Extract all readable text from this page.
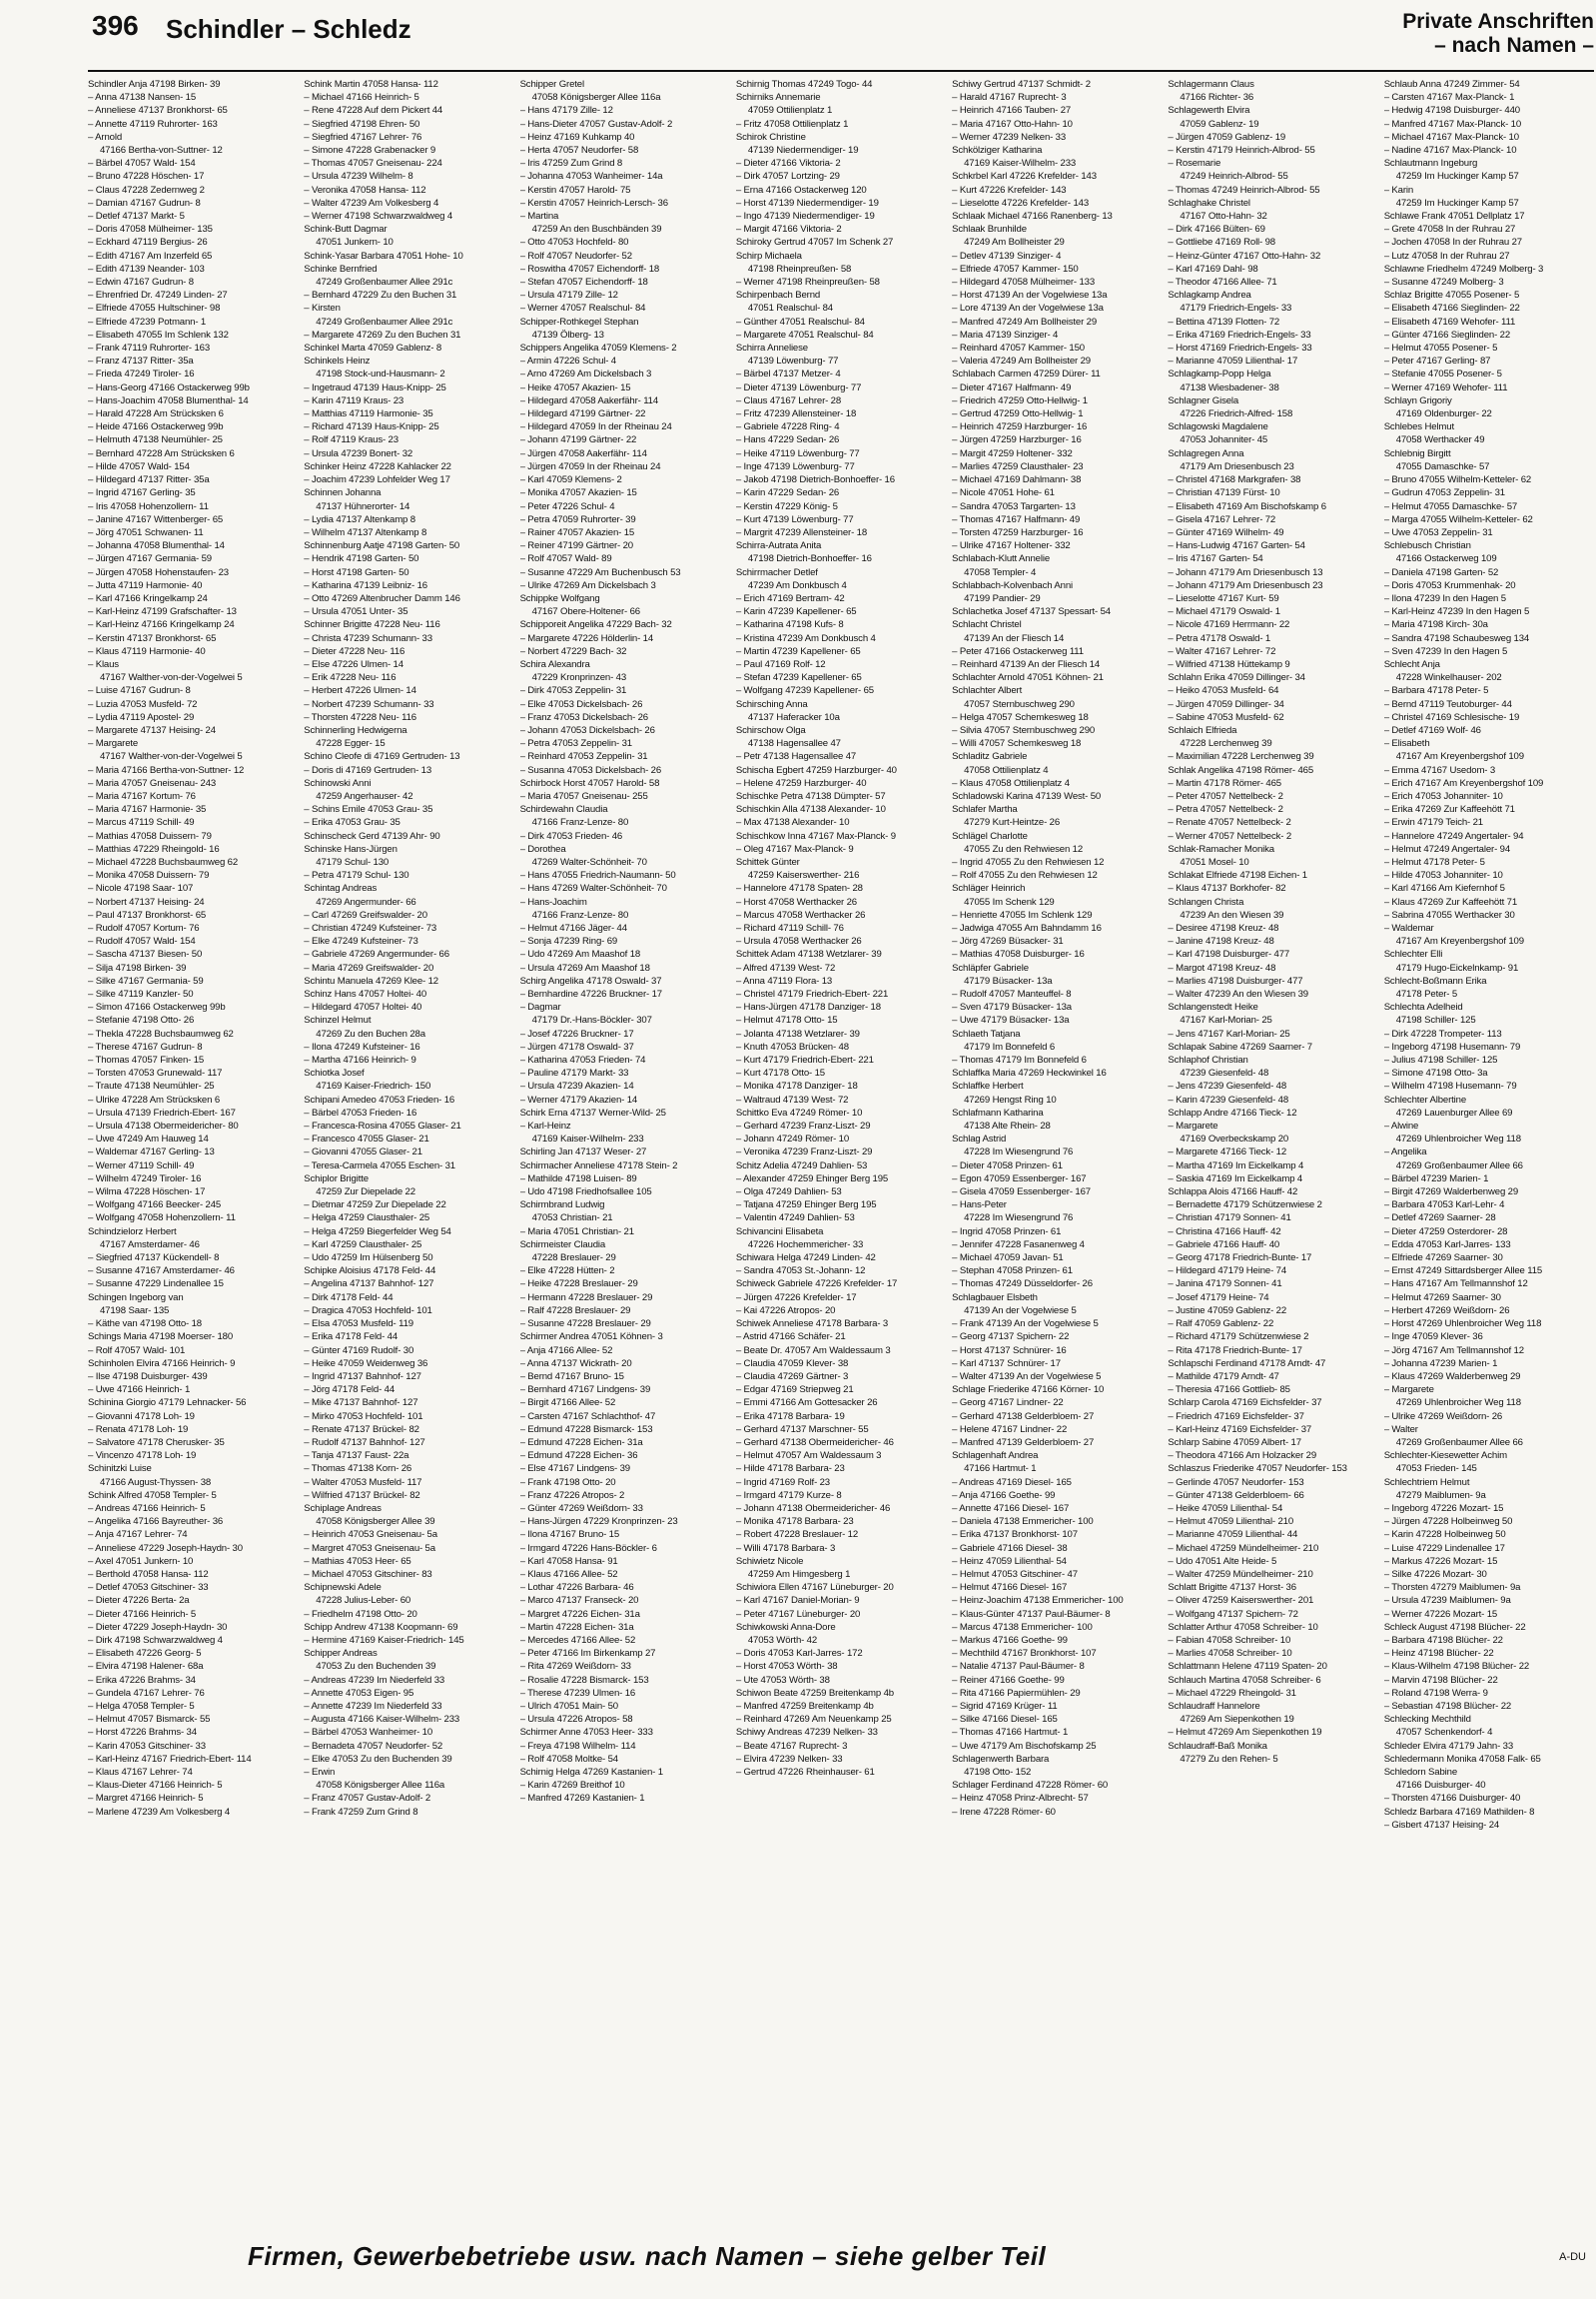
396 Schindler – Schledz	Private Anschriften
– nach Namen –
Schindler Anja 47198 Birken- 39
– Anna 47138 Nansen- 15
– Anneliese 47137 Bronkhorst- 65
– Annette 47119 Ruhrorter- 163
– Arnold
47166 Bertha-von-Suttner- 12
– Bärbel 47057 Wald- 154
– Bruno 47228 Höschen- 17
– Claus 47228 Zedernweg 2
– Damian 47167 Gudrun- 8
– Detlef 47137 Markt- 5
– Doris 47058 Mülheimer- 135
– Eckhard 47119 Bergius- 26
– Edith 47167 Am Inzerfeld 65
– Edith 47139 Neander- 103
– Edwin 47167 Gudrun- 8
– Ehrenfried Dr. 47249 Linden- 27
– Elfriede 47055 Hultschiner- 98
– Elfriede 47239 Potmann- 1
– Elisabeth 47055 Im Schlenk 132
– Frank 47119 Ruhrorter- 163
– Franz 47137 Ritter- 35a
– Frieda 47249 Tiroler- 16
– Hans-Georg 47166 Ostackerweg 99b
– Hans-Joachim 47058 Blumenthal- 14
– Harald 47228 Am Strücksken 6
– Heide 47166 Ostackerweg 99b
– Helmuth 47138 Neumühler- 25
– Bernhard 47228 Am Strücksken 6
– Hilde 47057 Wald- 154
– Hildegard 47137 Ritter- 35a
– Ingrid 47167 Gerling- 35
– Iris 47058 Hohenzollern- 11
– Janine 47167 Wittenberger- 65
– Jörg 47051 Schwanen- 11
– Johanna 47058 Blumenthal- 14
– Jürgen 47167 Germania- 59
– Jürgen 47058 Hohenstaufen- 23
– Jutta 47119 Harmonie- 40
– Karl 47166 Kringelkamp 24
– Karl-Heinz 47199 Grafschafter- 13
– Karl-Heinz 47166 Kringelkamp 24
– Kerstin 47137 Bronkhorst- 65
– Klaus 47119 Harmonie- 40
– Klaus
47167 Walther-von-der-Vogelwei 5
– Luise 47167 Gudrun- 8
– Luzia 47053 Musfeld- 72
– Lydia 47119 Apostel- 29
– Margarete 47137 Heising- 24
– Margarete
47167 Walther-von-der-Vogelwei 5
– Maria 47166 Bertha-von-Suttner- 12
– Maria 47057 Gneisenau- 243
– Maria 47167 Kortum- 76
– Maria 47167 Harmonie- 35
– Marcus 47119 Schill- 49
– Mathias 47058 Duissern- 79
– Matthias 47229 Rheingold- 16
– Michael 47228 Buchsbaumweg 62
– Monika 47058 Duissern- 79
– Nicole 47198 Saar- 107
– Norbert 47137 Heising- 24
– Paul 47137 Bronkhorst- 65
– Rudolf 47057 Kortum- 76
– Rudolf 47057 Wald- 154
– Sascha 47137 Biesen- 50
– Silja 47198 Birken- 39
– Silke 47167 Germania- 59
– Silke 47119 Kanzler- 50
– Simon 47166 Ostackerweg 99b
– Stefanie 47198 Otto- 26
– Thekla 47228 Buchsbaumweg 62
– Therese 47167 Gudrun- 8
– Thomas 47057 Finken- 15
– Torsten 47053 Grunewald- 117
– Traute 47138 Neumühler- 25
– Ulrike 47228 Am Strücksken 6
– Ursula 47139 Friedrich-Ebert- 167
– Ursula 47138 Obermeidericher- 80
– Uwe 47249 Am Hauweg 14
– Waldemar 47167 Gerling- 13
– Werner 47119 Schill- 49
– Wilhelm 47249 Tiroler- 16
– Wilma 47228 Höschen- 17
– Wolfgang 47166 Beecker- 245
– Wolfgang 47058 Hohenzollern- 11
Schindzielorz Herbert
47167 Amsterdamer- 46
– Siegfried 47137 Kückendell- 8
– Susanne 47167 Amsterdamer- 46
– Susanne 47229 Lindenallee 15
Schingen Ingeborg van
47198 Saar- 135
– Käthe van 47198 Otto- 18
Schings Maria 47198 Moerser- 180
– Rolf 47057 Wald- 101
Schinholen Elvira 47166 Heinrich- 9
– Ilse 47198 Duisburger- 439
– Uwe 47166 Heinrich- 1
Schinina Giorgio 47179 Lehnacker- 56
– Giovanni 47178 Loh- 19
– Renata 47178 Loh- 19
– Salvatore 47178 Cherusker- 35
– Vincenzo 47178 Loh- 19
Schinitzki Luise
47166 August-Thyssen- 38
Schink Alfred 47058 Templer- 5
– Andreas 47166 Heinrich- 5
– Angelika 47166 Bayreuther- 36
– Anja 47167 Lehrer- 74
– Anneliese 47229 Joseph-Haydn- 30
– Axel 47051 Junkern- 10
– Berthold 47058 Hansa- 112
– Detlef 47053 Gitschiner- 33
– Dieter 47226 Berta- 2a
– Dieter 47166 Heinrich- 5
– Dieter 47229 Joseph-Haydn- 30
– Dirk 47198 Schwarzwaldweg 4
– Elisabeth 47226 Georg- 5
– Elvira 47198 Halener- 68a
– Erika 47226 Brahms- 34
– Gundela 47167 Lehrer- 76
– Helga 47058 Templer- 5
– Helmut 47057 Bismarck- 55
– Horst 47226 Brahms- 34
– Karin 47053 Gitschiner- 33
– Karl-Heinz 47167 Friedrich-Ebert- 114
– Klaus 47167 Lehrer- 74
– Klaus-Dieter 47166 Heinrich- 5
– Margret 47166 Heinrich- 5
– Marlene 47239 Am Volkesberg 4
Schink Martin 47058 Hansa- 112
– Michael 47166 Heinrich- 5
– Rene 47228 Auf dem Pickert 44
– Siegfried 47198 Ehren- 50
– Siegfried 47167 Lehrer- 76
– Simone 47228 Grabenacker 9
– Thomas 47057 Gneisenau- 224
– Ursula 47239 Wilhelm- 8
– Veronika 47058 Hansa- 112
– Walter 47239 Am Volkesberg 4
– Werner 47198 Schwarzwaldweg 4
Schink-Butt Dagmar
47051 Junkern- 10
Schink-Yasar Barbara 47051 Hohe- 10
Schinke Bernfried
47249 Großenbaumer Allee 291c
– Bernhard 47229 Zu den Buchen 31
– Kirsten
47249 Großenbaumer Allee 291c
– Margarete 47269 Zu den Buchen 31
Schinkel Marta 47059 Gablenz- 8
Schinkels Heinz
47198 Stock-und-Hausmann- 2
– Ingetraud 47139 Haus-Knipp- 25
– Karin 47119 Kraus- 23
– Matthias 47119 Harmonie- 35
– Richard 47139 Haus-Knipp- 25
– Rolf 47119 Kraus- 23
– Ursula 47239 Bonert- 32
Schinker Heinz 47228 Kahlacker 22
– Joachim 47239 Lohfelder Weg 17
Schinnen Johanna
47137 Hühnerorter- 14
– Lydia 47137 Altenkamp 8
– Wilhelm 47137 Altenkamp 8
Schinnenburg Aatje 47198 Garten- 50
– Hendrik 47198 Garten- 50
– Horst 47198 Garten- 50
– Katharina 47139 Leibniz- 16
– Otto 47269 Altenbrucher Damm 146
– Ursula 47051 Unter- 35
Schinner Brigitte 47228 Neu- 116
– Christa 47239 Schumann- 33
– Dieter 47228 Neu- 116
– Else 47226 Ulmen- 14
– Erik 47228 Neu- 116
– Herbert 47226 Ulmen- 14
– Norbert 47239 Schumann- 33
– Thorsten 47228 Neu- 116
Schinnerling Hedwigerna
47228 Egger- 15
Schino Cleofe di 47169 Gertruden- 13
– Doris di 47169 Gertruden- 13
Schinowski Anni
47259 Angerhauser- 42
– Schins Emile 47053 Grau- 35
– Erika 47053 Grau- 35
Schinscheck Gerd 47139 Ahr- 90
Schinske Hans-Jürgen
47179 Schul- 130
– Petra 47179 Schul- 130
Schintag Andreas
47269 Angermunder- 66
– Carl 47269 Greifswalder- 20
– Christian 47249 Kufsteiner- 73
– Elke 47249 Kufsteiner- 73
– Gabriele 47269 Angermunder- 66
– Maria 47269 Greifswalder- 20
Schintu Manuela 47269 Klee- 12
Schinz Hans 47057 Holtei- 40
– Hildegard 47057 Holtei- 40
Schinzel Helmut
47269 Zu den Buchen 28a
– Ilona 47249 Kufsteiner- 16
– Martha 47166 Heinrich- 9
Schiotka Josef
47169 Kaiser-Friedrich- 150
Schipani Amedeo 47053 Frieden- 16
– Bärbel 47053 Frieden- 16
– Francesca-Rosina 47055 Glaser- 21
– Francesco 47055 Glaser- 21
– Giovanni 47055 Glaser- 21
– Teresa-Carmela 47055 Eschen- 31
Schiplor Brigitte
47259 Zur Diepelade 22
– Dietmar 47259 Zur Diepelade 22
– Helga 47259 Clausthaler- 25
– Helga 47259 Biegerfelder Weg 54
– Karl 47259 Clausthaler- 25
– Udo 47259 Im Hülsenberg 50
Schipke Aloisius 47178 Feld- 44
– Angelina 47137 Bahnhof- 127
– Dirk 47178 Feld- 44
– Dragica 47053 Hochfeld- 101
– Elsa 47053 Musfeld- 119
– Erika 47178 Feld- 44
– Günter 47169 Rudolf- 30
– Heike 47059 Weidenweg 36
– Ingrid 47137 Bahnhof- 127
– Jörg 47178 Feld- 44
– Mike 47137 Bahnhof- 127
– Mirko 47053 Hochfeld- 101
– Renate 47137 Brückel- 82
– Rudolf 47137 Bahnhof- 127
– Tanja 47137 Faust- 22a
– Thomas 47138 Korn- 26
– Walter 47053 Musfeld- 117
– Wilfried 47137 Brückel- 82
Schiplage Andreas
47058 Königsberger Allee 39
– Heinrich 47053 Gneisenau- 5a
– Margret 47053 Gneisenau- 5a
– Mathias 47053 Heer- 65
– Michael 47053 Gitschiner- 83
Schipnewski Adele
47228 Julius-Leber- 60
– Friedhelm 47198 Otto- 20
Schipp Andrew 47138 Koopmann- 69
– Hermine 47169 Kaiser-Friedrich- 145
Schipper Andreas
47053 Zu den Buchenden 39
– Andreas 47239 Im Niederfeld 33
– Annette 47053 Eigen- 95
– Annette 47239 Im Niederfeld 33
– Augusta 47166 Kaiser-Wilhelm- 233
– Bärbel 47053 Wanheimer- 10
– Bernadeta 47057 Neudorfer- 52
– Elke 47053 Zu den Buchenden 39
– Erwin
47058 Königsberger Allee 116a
– Franz 47057 Gustav-Adolf- 2
– Frank 47259 Zum Grind 8
Schipper Gretel
47058 Königsberger Allee 116a
– Hans 47179 Zille- 12
– Hans-Dieter 47057 Gustav-Adolf- 2
– Heinz 47169 Kuhkamp 40
– Herta 47057 Neudorfer- 58
– Iris 47259 Zum Grind 8
– Johanna 47053 Wanheimer- 14a
– Kerstin 47057 Harold- 75
– Kerstin 47057 Heinrich-Lersch- 36
– Martina
47259 An den Buschbänden 39
– Otto 47053 Hochfeld- 80
– Rolf 47057 Neudorfer- 52
– Roswitha 47057 Eichendorff- 18
– Stefan 47057 Eichendorff- 18
– Ursula 47179 Zille- 12
– Werner 47057 Realschul- 84
Schipper-Rothkegel Stephan
47139 Ölberg- 13
Schippers Angelika 47059 Klemens- 2
– Armin 47226 Schul- 4
– Arno 47269 Am Dickelsbach 3
– Heike 47057 Akazien- 15
– Hildegard 47058 Aakerfähr- 114
– Hildegard 47199 Gärtner- 22
– Hildegard 47059 In der Rheinau 24
– Johann 47199 Gärtner- 22
– Jürgen 47058 Aakerfähr- 114
– Jürgen 47059 In der Rheinau 24
– Karl 47059 Klemens- 2
– Monika 47057 Akazien- 15
– Peter 47226 Schul- 4
– Petra 47059 Ruhrorter- 39
– Rainer 47057 Akazien- 15
– Reiner 47199 Gärtner- 20
– Rolf 47057 Wald- 89
– Susanne 47229 Am Buchenbusch 53
– Ulrike 47269 Am Dickelsbach 3
Schippke Wolfgang
47167 Obere-Holtener- 66
Schipporeit Angelika 47229 Bach- 32
– Margarete 47226 Hölderlin- 14
– Norbert 47229 Bach- 32
Schira Alexandra
47229 Kronprinzen- 43
– Dirk 47053 Zeppelin- 31
– Elke 47053 Dickelsbach- 26
– Franz 47053 Dickelsbach- 26
– Johann 47053 Dickelsbach- 26
– Petra 47053 Zeppelin- 31
– Reinhard 47053 Zeppelin- 31
– Susanna 47053 Dickelsbach- 26
Schirbock Horst 47057 Harold- 58
– Maria 47057 Gneisenau- 255
Schirdewahn Claudia
47166 Franz-Lenze- 80
– Dirk 47053 Frieden- 46
– Dorothea
47269 Walter-Schönheit- 70
– Hans 47055 Friedrich-Naumann- 50
– Hans 47269 Walter-Schönheit- 70
– Hans-Joachim
47166 Franz-Lenze- 80
– Helmut 47166 Jäger- 44
– Sonja 47239 Ring- 69
– Udo 47269 Am Maashof 18
– Ursula 47269 Am Maashof 18
Schirg Angelika 47178 Oswald- 37
– Bernhardine 47226 Bruckner- 17
– Dagmar
47179 Dr.-Hans-Böckler- 307
– Josef 47226 Bruckner- 17
– Jürgen 47178 Oswald- 37
– Katharina 47053 Frieden- 74
– Pauline 47179 Markt- 33
– Ursula 47239 Akazien- 14
– Werner 47179 Akazien- 14
Schirk Erna 47137 Werner-Wild- 25
– Karl-Heinz
47169 Kaiser-Wilhelm- 233
Schirling Jan 47137 Weser- 27
Schirmacher Anneliese 47178 Stein- 2
– Mathilde 47198 Luisen- 89
– Udo 47198 Friedhofsallee 105
Schirmbrand Ludwig
47053 Christian- 21
– Maria 47051 Christian- 21
Schirmeister Claudia
47228 Breslauer- 29
– Elke 47228 Hütten- 2
– Heike 47228 Breslauer- 29
– Hermann 47228 Breslauer- 29
– Ralf 47228 Breslauer- 29
– Susanne 47228 Breslauer- 29
Schirmer Andrea 47051 Köhnen- 3
– Anja 47166 Allee- 52
– Anna 47137 Wickrath- 20
– Bernd 47167 Bruno- 15
– Bernhard 47167 Lindgens- 39
– Birgit 47166 Allee- 52
– Carsten 47167 Schlachthof- 47
– Edmund 47228 Bismarck- 153
– Edmund 47228 Eichen- 31a
– Edmund 47228 Eichen- 36
– Else 47167 Lindgens- 39
– Frank 47198 Otto- 20
– Franz 47226 Atropos- 2
– Günter 47269 Weißdorn- 33
– Hans-Jürgen 47229 Kronprinzen- 23
– Ilona 47167 Bruno- 15
– Irmgard 47226 Hans-Böckler- 6
– Karl 47058 Hansa- 91
– Klaus 47166 Allee- 52
– Lothar 47226 Barbara- 46
– Marco 47137 Franseck- 20
– Margret 47226 Eichen- 31a
– Martin 47228 Eichen- 31a
– Mercedes 47166 Allee- 52
– Peter 47166 Im Birkenkamp 27
– Rita 47269 Weißdorn- 33
– Rosalie 47228 Bismarck- 153
– Therese 47239 Ulmen- 16
– Ulrich 47051 Main- 50
– Ursula 47226 Atropos- 58
Schirmer Anne 47053 Heer- 333
– Freya 47198 Wilhelm- 114
– Rolf 47058 Moltke- 54
Schirnig Helga 47269 Kastanien- 1
– Karin 47269 Breithof 10
– Manfred 47269 Kastanien- 1
Schirnig Thomas 47249 Togo- 44
Schirniks Annemarie
47059 Ottilienplatz 1
– Fritz 47058 Ottilienplatz 1
Schirok Christine
47139 Niedermendiger- 19
– Dieter 47166 Viktoria- 2
– Dirk 47057 Lortzing- 29
– Erna 47166 Ostackerweg 120
– Horst 47139 Niedermendiger- 19
– Ingo 47139 Niedermendiger- 19
– Margit 47166 Viktoria- 2
Schiroky Gertrud 47057 Im Schenk 27
Schirp Michaela
47198 Rheinpreußen- 58
– Werner 47198 Rheinpreußen- 58
Schirpenbach Bernd
47051 Realschul- 84
– Günther 47051 Realschul- 84
– Margarete 47051 Realschul- 84
Schirra Anneliese
47139 Löwenburg- 77
– Bärbel 47137 Metzer- 4
– Dieter 47139 Löwenburg- 77
– Claus 47167 Lehrer- 28
– Fritz 47239 Allensteiner- 18
– Gabriele 47228 Ring- 4
– Hans 47229 Sedan- 26
– Heike 47119 Löwenburg- 77
– Inge 47139 Löwenburg- 77
– Jakob 47198 Dietrich-Bonhoeffer- 16
– Karin 47229 Sedan- 26
– Kerstin 47229 König- 5
– Kurt 47139 Löwenburg- 77
– Margrit 47239 Allensteiner- 18
Schirra-Autrata Anita
47198 Dietrich-Bonhoeffer- 16
Schirrmacher Detlef
47239 Am Donkbusch 4
– Erich 47169 Bertram- 42
– Karin 47239 Kapellener- 65
– Katharina 47198 Kufs- 8
– Kristina 47239 Am Donkbusch 4
– Martin 47239 Kapellener- 65
– Paul 47169 Rolf- 12
– Stefan 47239 Kapellener- 65
– Wolfgang 47239 Kapellener- 65
Schirsching Anna
47137 Haferacker 10a
Schirschow Olga
47138 Hagensallee 47
– Petr 47138 Hagensallee 47
Schischa Egbert 47259 Harzburger- 40
– Helene 47259 Harzburger- 40
Schischke Petra 47138 Dümpter- 57
Schischkin Alla 47138 Alexander- 10
– Max 47138 Alexander- 10
Schischkow Inna 47167 Max-Planck- 9
– Oleg 47167 Max-Planck- 9
Schittek Günter
47259 Kaiserswerther- 216
– Hannelore 47178 Spaten- 28
– Horst 47058 Werthacker 26
– Marcus 47058 Werthacker 26
– Richard 47119 Schill- 76
– Ursula 47058 Werthacker 26
Schittek Adam 47138 Wetzlarer- 39
– Alfred 47139 West- 72
– Anna 47119 Flora- 13
– Christel 47179 Friedrich-Ebert- 221
– Hans-Jürgen 47178 Danziger- 18
– Helmut 47178 Otto- 15
– Jolanta 47138 Wetzlarer- 39
– Knuth 47053 Brücken- 48
– Kurt 47179 Friedrich-Ebert- 221
– Kurt 47178 Otto- 15
– Monika 47178 Danziger- 18
– Waltraud 47139 West- 72
Schittko Eva 47249 Römer- 10
– Gerhard 47239 Franz-Liszt- 29
– Johann 47249 Römer- 10
– Veronika 47239 Franz-Liszt- 29
Schitz Adelia 47249 Dahlien- 53
– Alexander 47259 Ehinger Berg 195
– Olga 47249 Dahlien- 53
– Tatjana 47259 Ehinger Berg 195
– Valentin 47249 Dahlien- 53
Schivancini Elisabeta
47226 Hochemmericher- 33
Schiwara Helga 47249 Linden- 42
– Sandra 47053 St.-Johann- 12
Schiweck Gabriele 47226 Krefelder- 17
– Jürgen 47226 Krefelder- 17
– Kai 47226 Atropos- 20
Schiwek Anneliese 47178 Barbara- 3
– Astrid 47166 Schäfer- 21
– Beate Dr. 47057 Am Waldessaum 3
– Claudia 47059 Klever- 38
– Claudia 47269 Gärtner- 3
– Edgar 47169 Striepweg 21
– Emmi 47166 Am Gottesacker 26
– Erika 47178 Barbara- 19
– Gerhard 47137 Marschner- 55
– Gerhard 47138 Obermeidericher- 46
– Helmut 47057 Am Waldessaum 3
– Hilde 47178 Barbara- 23
– Ingrid 47169 Rolf- 23
– Irmgard 47179 Kurze- 8
– Johann 47138 Obermeidericher- 46
– Monika 47178 Barbara- 23
– Robert 47228 Breslauer- 12
– Willi 47178 Barbara- 3
Schiwietz Nicole
47259 Am Himgesberg 1
Schiwiora Ellen 47167 Lüneburger- 20
– Karl 47167 Daniel-Morian- 9
– Peter 47167 Lüneburger- 20
Schiwkowski Anna-Dore
47053 Wörth- 42
– Doris 47053 Karl-Jarres- 172
– Horst 47053 Wörth- 38
– Ute 47053 Wörth- 38
Schiwon Beate 47259 Breitenkamp 4b
– Manfred 47259 Breitenkamp 4b
– Reinhard 47269 Am Neuenkamp 25
Schiwy Andreas 47239 Nelken- 33
– Beate 47167 Ruprecht- 3
– Elvira 47239 Nelken- 33
– Gertrud 47226 Rheinhauser- 61
Schiwy Gertrud 47137 Schmidt- 2
– Harald 47167 Ruprecht- 3
– Heinrich 47166 Tauben- 27
– Maria 47167 Otto-Hahn- 10
– Werner 47239 Nelken- 33
Schkölziger Katharina
47169 Kaiser-Wilhelm- 233
Schkrbel Karl 47226 Krefelder- 143
– Kurt 47226 Krefelder- 143
– Lieselotte 47226 Krefelder- 143
Schlaak Michael 47166 Ranenberg- 13
Schlaak Brunhilde
47249 Am Bollheister 29
– Detlev 47139 Sinziger- 4
– Elfriede 47057 Kammer- 150
– Hildegard 47058 Mülheimer- 133
– Horst 47139 An der Vogelwiese 13a
– Lore 47139 An der Vogelwiese 13a
– Manfred 47249 Am Bollheister 29
– Maria 47139 Sinziger- 4
– Reinhard 47057 Kammer- 150
– Valeria 47249 Am Bollheister 29
Schlabach Carmen 47259 Dürer- 11
– Dieter 47167 Halfmann- 49
– Friedrich 47259 Otto-Hellwig- 1
– Gertrud 47259 Otto-Hellwig- 1
– Heinrich 47259 Harzburger- 16
– Jürgen 47259 Harzburger- 16
– Margit 47259 Holtener- 332
– Marlies 47259 Clausthaler- 23
– Michael 47169 Dahlmann- 38
– Nicole 47051 Hohe- 61
– Sandra 47053 Targarten- 13
– Thomas 47167 Halfmann- 49
– Torsten 47259 Harzburger- 16
– Ulrike 47167 Holtener- 332
Schlabach-Klutt Annelie
47058 Templer- 4
Schlabbach-Kolvenbach Anni
47199 Pandier- 29
Schlachetka Josef 47137 Spessart- 54
Schlacht Christel
47139 An der Fliesch 14
– Peter 47166 Ostackerweg 111
– Reinhard 47139 An der Fliesch 14
Schlachter Arnold 47051 Köhnen- 21
Schlachter Albert
47057 Sternbuschweg 290
– Helga 47057 Schemkesweg 18
– Silvia 47057 Sternbuschweg 290
– Willi 47057 Schemkesweg 18
Schladitz Gabriele
47058 Ottilienplatz 4
– Klaus 47058 Ottilienplatz 4
Schladowski Karina 47139 West- 50
Schlafer Martha
47279 Kurt-Heintze- 26
Schlägel Charlotte
47055 Zu den Rehwiesen 12
– Ingrid 47055 Zu den Rehwiesen 12
– Rolf 47055 Zu den Rehwiesen 12
Schläger Heinrich
47055 Im Schenk 129
– Henriette 47055 Im Schlenk 129
– Jadwiga 47055 Am Bahndamm 16
– Jörg 47269 Büsacker- 31
– Mathias 47058 Duisburger- 16
Schläpfer Gabriele
47179 Büsacker- 13a
– Rudolf 47057 Manteuffel- 8
– Sven 47179 Büsacker- 13a
– Uwe 47179 Büsacker- 13a
Schlaeth Tatjana
47179 Im Bonnefeld 6
– Thomas 47179 Im Bonnefeld 6
Schlaffka Maria 47269 Heckwinkel 16
Schlaffke Herbert
47269 Hengst Ring 10
Schlafmann Katharina
47138 Alte Rhein- 28
Schlag Astrid
47228 Im Wiesengrund 76
– Dieter 47058 Prinzen- 61
– Egon 47059 Essenberger- 167
– Gisela 47059 Essenberger- 167
– Hans-Peter
47228 Im Wiesengrund 76
– Ingrid 47058 Prinzen- 61
– Jennifer 47228 Fasanenweg 4
– Michael 47059 Javan- 51
– Stephan 47058 Prinzen- 61
– Thomas 47249 Düsseldorfer- 26
Schlagbauer Elsbeth
47139 An der Vogelwiese 5
– Frank 47139 An der Vogelwiese 5
– Georg 47137 Spichern- 22
– Horst 47137 Schnürer- 16
– Karl 47137 Schnürer- 17
– Walter 47139 An der Vogelwiese 5
Schlage Friederike 47166 Körner- 10
– Georg 47167 Lindner- 22
– Gerhard 47138 Gelderbloem- 27
– Helene 47167 Lindner- 22
– Manfred 47139 Gelderbloem- 27
Schlagenhaft Andrea
47166 Hartmut- 1
– Andreas 47169 Diesel- 165
– Anja 47166 Goethe- 99
– Annette 47166 Diesel- 167
– Daniela 47138 Emmericher- 100
– Erika 47137 Bronkhorst- 107
– Gabriele 47166 Diesel- 38
– Heinz 47059 Lilienthal- 54
– Helmut 47053 Gitschiner- 47
– Helmut 47166 Diesel- 167
– Heinz-Joachim 47138 Emmericher- 100
– Klaus-Günter 47137 Paul-Bäumer- 8
– Marcus 47138 Emmericher- 100
– Markus 47166 Goethe- 99
– Mechthild 47167 Bronkhorst- 107
– Natalie 47137 Paul-Bäumer- 8
– Reiner 47166 Goethe- 99
– Rita 47166 Papiermühlen- 29
– Sigrid 47169 Krüger- 11
– Silke 47166 Diesel- 165
– Thomas 47166 Hartmut- 1
– Uwe 47179 Am Bischofskamp 25
Schlagenwerth Barbara
47198 Otto- 152
Schlager Ferdinand 47228 Römer- 60
– Heinz 47058 Prinz-Albrecht- 57
– Irene 47228 Römer- 60
Schlagermann Claus
47166 Richter- 36
Schlagewerth Elvira
47059 Gablenz- 19
– Jürgen 47059 Gablenz- 19
– Kerstin 47179 Heinrich-Albrod- 55
– Rosemarie
47249 Heinrich-Albrod- 55
– Thomas 47249 Heinrich-Albrod- 55
Schlaghake Christel
47167 Otto-Hahn- 32
– Dirk 47166 Bülten- 69
– Gottliebe 47169 Roll- 98
– Heinz-Günter 47167 Otto-Hahn- 32
– Karl 47169 Dahl- 98
– Theodor 47166 Allee- 71
Schlagkamp Andrea
47179 Friedrich-Engels- 33
– Bettina 47139 Flotten- 72
– Erika 47169 Friedrich-Engels- 33
– Horst 47169 Friedrich-Engels- 33
– Marianne 47059 Lilienthal- 17
Schlagkamp-Popp Helga
47138 Wiesbadener- 38
Schlagner Gisela
47226 Friedrich-Alfred- 158
Schlagowski Magdalene
47053 Johanniter- 45
Schlagregen Anna
47179 Am Driesenbusch 23
– Christel 47168 Markgrafen- 38
– Christian 47139 Fürst- 10
– Elisabeth 47169 Am Bischofskamp 6
– Gisela 47167 Lehrer- 72
– Günter 47169 Wilhelm- 49
– Hans-Ludwig 47167 Garten- 54
– Iris 47167 Garten- 54
– Johann 47179 Am Driesenbusch 13
– Johann 47179 Am Driesenbusch 23
– Lieselotte 47167 Kurt- 59
– Michael 47179 Oswald- 1
– Nicole 47169 Herrmann- 22
– Petra 47178 Oswald- 1
– Walter 47167 Lehrer- 72
– Wilfried 47138 Hüttekamp 9
Schlahn Erika 47059 Dillinger- 34
– Heiko 47053 Musfeld- 64
– Jürgen 47059 Dillinger- 34
– Sabine 47053 Musfeld- 62
Schlaich Elfrieda
47228 Lerchenweg 39
– Maximilian 47228 Lerchenweg 39
Schlak Angelika 47198 Römer- 465
– Martin 47178 Römer- 465
– Peter 47057 Nettelbeck- 2
– Petra 47057 Nettelbeck- 2
– Renate 47057 Nettelbeck- 2
– Werner 47057 Nettelbeck- 2
Schlak-Ramacher Monika
47051 Mosel- 10
Schlakat Elfriede 47198 Eichen- 1
– Klaus 47137 Borkhofer- 82
Schlangen Christa
47239 An den Wiesen 39
– Desiree 47198 Kreuz- 48
– Janine 47198 Kreuz- 48
– Karl 47198 Duisburger- 477
– Margot 47198 Kreuz- 48
– Marlies 47198 Duisburger- 477
– Walter 47239 An den Wiesen 39
Schlangenstedt Heike
47167 Karl-Morian- 25
– Jens 47167 Karl-Morian- 25
Schlapak Sabine 47269 Saarner- 7
Schlaphof Christian
47239 Giesenfeld- 48
– Jens 47239 Giesenfeld- 48
– Karin 47239 Giesenfeld- 48
Schlapp Andre 47166 Tieck- 12
– Margarete
47169 Overbeckskamp 20
– Margarete 47166 Tieck- 12
– Martha 47169 Im Eickelkamp 4
– Saskia 47169 Im Eickelkamp 4
Schlappa Alois 47166 Hauff- 42
– Bernadette 47179 Schützenwiese 2
– Christian 47179 Sonnen- 41
– Christina 47166 Hauff- 42
– Gabriele 47166 Hauff- 40
– Georg 47178 Friedrich-Bunte- 17
– Hildegard 47179 Heine- 74
– Janina 47179 Sonnen- 41
– Josef 47179 Heine- 74
– Justine 47059 Gablenz- 22
– Ralf 47059 Gablenz- 22
– Richard 47179 Schützenwiese 2
– Rita 47178 Friedrich-Bunte- 17
Schlapschi Ferdinand 47178 Arndt- 47
– Mathilde 47179 Arndt- 47
– Theresia 47166 Gottlieb- 85
Schlarp Carola 47169 Eichsfelder- 37
– Friedrich 47169 Eichsfelder- 37
– Karl-Heinz 47169 Eichsfelder- 37
Schlarp Sabine 47059 Albert- 17
– Theodora 47166 Am Holzacker 29
Schlaszus Friederike 47057 Neudorfer- 153
– Gerlinde 47057 Neudorfer- 153
– Günter 47138 Gelderbloem- 66
– Heike 47059 Lilienthal- 54
– Helmut 47059 Lilienthal- 210
– Marianne 47059 Lilienthal- 44
– Michael 47259 Mündelheimer- 210
– Udo 47051 Alte Heide- 5
– Walter 47259 Mündelheimer- 210
Schlatt Brigitte 47137 Horst- 36
– Oliver 47259 Kaiserswerther- 201
– Wolfgang 47137 Spichern- 72
Schlatter Arthur 47058 Schreiber- 10
– Fabian 47058 Schreiber- 10
– Marlies 47058 Schreiber- 10
Schlattmann Helene 47119 Spaten- 20
Schlauch Martina 47058 Schreiber- 6
– Michael 47229 Rheingold- 31
Schlaudraff Hannelore
47269 Am Siepenkothen 19
– Helmut 47269 Am Siepenkothen 19
Schlaudraff-Baß Monika
47279 Zu den Rehen- 5
Schlaub Anna 47249 Zimmer- 54
– Carsten 47167 Max-Planck- 1
– Hedwig 47198 Duisburger- 440
– Manfred 47167 Max-Planck- 10
– Michael 47167 Max-Planck- 10
– Nadine 47167 Max-Planck- 10
Schlautmann Ingeburg
47259 Im Huckinger Kamp 57
– Karin
47259 Im Huckinger Kamp 57
Schlawe Frank 47051 Dellplatz 17
– Grete 47058 In der Ruhrau 27
– Jochen 47058 In der Ruhrau 27
– Lutz 47058 In der Ruhrau 27
Schlawne Friedhelm 47249 Molberg- 3
– Susanne 47249 Molberg- 3
Schlaz Brigitte 47055 Posener- 5
– Elisabeth 47166 Sieglinden- 22
– Elisabeth 47169 Wehofer- 111
– Günter 47166 Sieglinden- 22
– Helmut 47055 Posener- 5
– Peter 47167 Gerling- 87
– Stefanie 47055 Posener- 5
– Werner 47169 Wehofer- 111
Schlayn Grigoriy
47169 Oldenburger- 22
Schlebes Helmut
47058 Werthacker 49
Schlebnig Birgitt
47055 Damaschke- 57
– Bruno 47055 Wilhelm-Ketteler- 62
– Gudrun 47053 Zeppelin- 31
– Helmut 47055 Damaschke- 57
– Marga 47055 Wilhelm-Ketteler- 62
– Uwe 47053 Zeppelin- 31
Schlebusch Christian
47166 Ostackerweg 109
– Daniela 47198 Garten- 52
– Doris 47053 Krummenhak- 20
– Ilona 47239 In den Hagen 5
– Karl-Heinz 47239 In den Hagen 5
– Maria 47198 Kirch- 30a
– Sandra 47198 Schaubesweg 134
– Sven 47239 In den Hagen 5
Schlecht Anja
47228 Winkelhauser- 202
– Barbara 47178 Peter- 5
– Bernd 47119 Teutoburger- 44
– Christel 47169 Schlesische- 19
– Detlef 47169 Wolf- 46
– Elisabeth
47167 Am Kreyenbergshof 109
– Emma 47167 Usedom- 3
– Erich 47167 Am Kreyenbergshof 109
– Erich 47053 Johanniter- 10
– Erika 47269 Zur Kaffeehött 71
– Erwin 47179 Teich- 21
– Hannelore 47249 Angertaler- 94
– Helmut 47249 Angertaler- 94
– Helmut 47178 Peter- 5
– Hilde 47053 Johanniter- 10
– Karl 47166 Am Kiefernhof 5
– Klaus 47269 Zur Kaffeehött 71
– Sabrina 47055 Werthacker 30
– Waldemar
47167 Am Kreyenbergshof 109
Schlechter Elli
47179 Hugo-Eickelnkamp- 91
Schlecht-Boßmann Erika
47178 Peter- 5
Schlechta Adelheid
47198 Schiller- 125
– Dirk 47228 Trompeter- 113
– Ingeborg 47198 Husemann- 79
– Julius 47198 Schiller- 125
– Simone 47198 Otto- 3a
– Wilhelm 47198 Husemann- 79
Schlechter Albertine
47269 Lauenburger Allee 69
– Alwine
47269 Uhlenbroicher Weg 118
– Angelika
47269 Großenbaumer Allee 66
– Bärbel 47239 Marien- 1
– Birgit 47269 Walderbenweg 29
– Barbara 47053 Karl-Lehr- 4
– Detlef 47269 Saarner- 28
– Dieter 47259 Osterdorer- 28
– Edda 47053 Karl-Jarres- 133
– Elfriede 47269 Saarner- 30
– Ernst 47249 Sittardsberger Allee 115
– Hans 47167 Am Tellmannshof 12
– Helmut 47269 Saarner- 30
– Herbert 47269 Weißdorn- 26
– Horst 47269 Uhlenbroicher Weg 118
– Inge 47059 Klever- 36
– Jörg 47167 Am Tellmannshof 12
– Johanna 47239 Marien- 1
– Klaus 47269 Walderbenweg 29
– Margarete
47269 Uhlenbroicher Weg 118
– Ulrike 47269 Weißdorn- 26
– Walter
47269 Großenbaumer Allee 66
Schlechter-Kiesewetter Achim
47053 Frieden- 145
Schlechtriem Helmut
47279 Maiblumen- 9a
– Ingeborg 47226 Mozart- 15
– Jürgen 47228 Holbeinweg 50
– Karin 47228 Holbeinweg 50
– Luise 47229 Lindenallee 17
– Markus 47226 Mozart- 15
– Silke 47226 Mozart- 30
– Thorsten 47279 Maiblumen- 9a
– Ursula 47239 Maiblumen- 9a
– Werner 47226 Mozart- 15
Schleck August 47198 Blücher- 22
– Barbara 47198 Blücher- 22
– Heinz 47198 Blücher- 22
– Klaus-Wilhelm 47198 Blücher- 22
– Marvin 47198 Blücher- 22
– Roland 47198 Werra- 9
– Sebastian 47198 Blücher- 22
Schlecking Mechthild
47057 Schenkendorf- 4
Schleder Elvira 47179 Jahn- 33
Schledermann Monika 47058 Falk- 65
Schledorn Sabine
47166 Duisburger- 40
– Thorsten 47166 Duisburger- 40
Schledz Barbara 47169 Mathilden- 8
– Gisbert 47137 Heising- 24
Firmen, Gewerbebetriebe usw. nach Namen – siehe gelber Teil	A-DU
